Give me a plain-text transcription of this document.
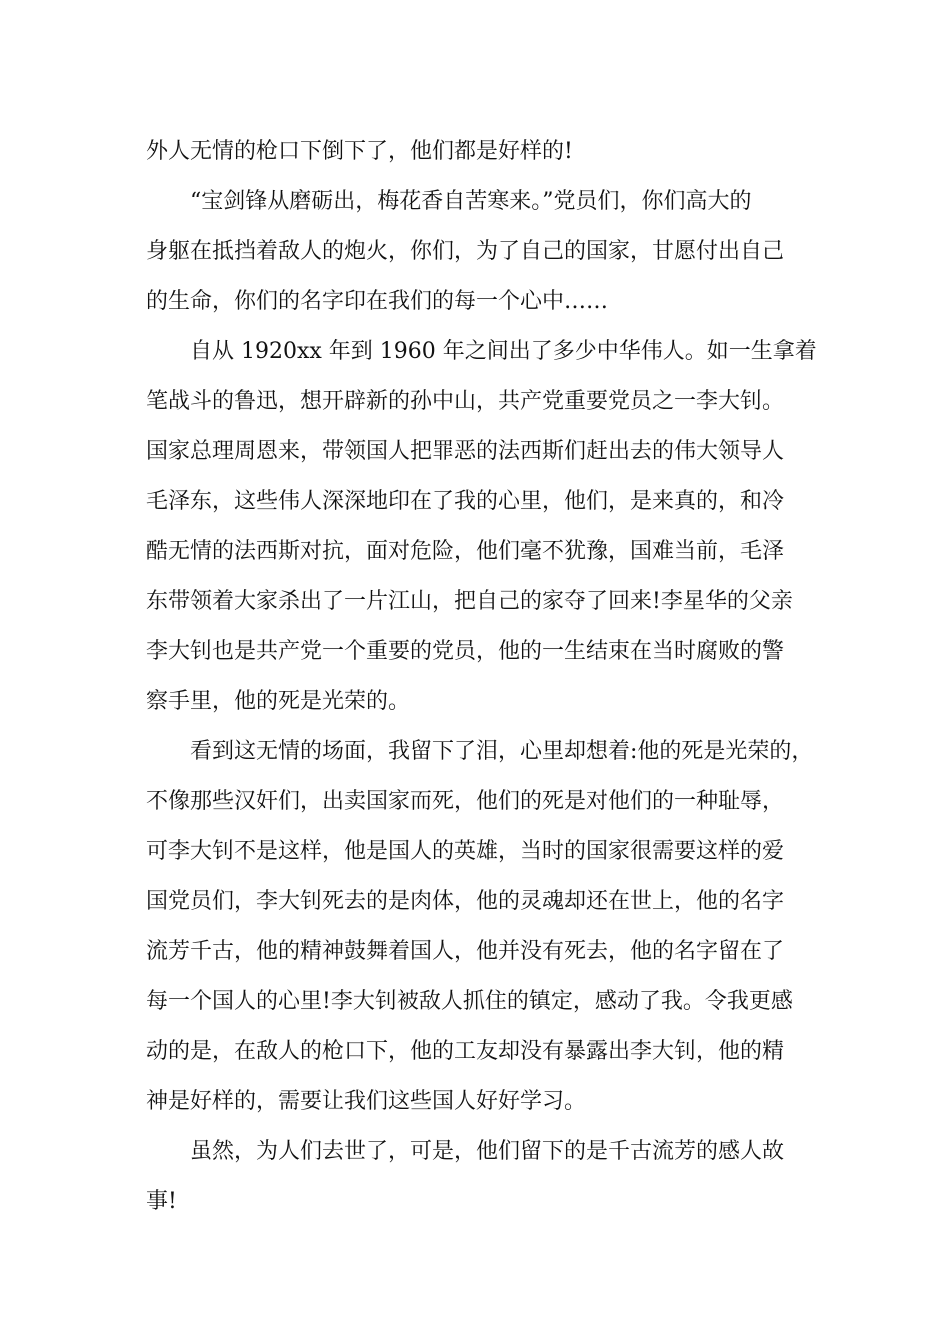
外人无情的枪口下倒下了，他们都是好样的!
“宝剑锋从磨砺出，梅花香自苦寒来。”党员们，你们高大的
身躯在抵挡着敌人的炮火，你们，为了自己的国家，甘愿付出自己
的生命，你们的名字印在我们的每一个心中……
自从 1920xx 年到 1960 年之间出了多少中华伟人。如一生拿着
笔战斗的鲁迅，想开辟新的孙中山，共产党重要党员之一李大钊。
国家总理周恩来，带领国人把罪恶的法西斯们赶出去的伟大领导人
毛泽东，这些伟人深深地印在了我的心里，他们，是来真的，和冷
酷无情的法西斯对抗，面对危险，他们毫不犹豫，国难当前，毛泽
东带领着大家杀出了一片江山，把自己的家夺了回来!李星华的父亲
李大钊也是共产党一个重要的党员，他的一生结束在当时腐败的警
察手里，他的死是光荣的。
看到这无情的场面，我留下了泪，心里却想着:他的死是光荣的，
不像那些汉奸们，出卖国家而死，他们的死是对他们的一种耻辱，
可李大钊不是这样，他是国人的英雄，当时的国家很需要这样的爱
国党员们，李大钊死去的是肉体，他的灵魂却还在世上，他的名字
流芳千古，他的精神鼓舞着国人，他并没有死去，他的名字留在了
每一个国人的心里!李大钊被敌人抓住的镇定，感动了我。令我更感
动的是，在敌人的枪口下，他的工友却没有暴露出李大钊，他的精
神是好样的，需要让我们这些国人好好学习。
虽然，为人们去世了，可是，他们留下的是千古流芳的感人故
事!
